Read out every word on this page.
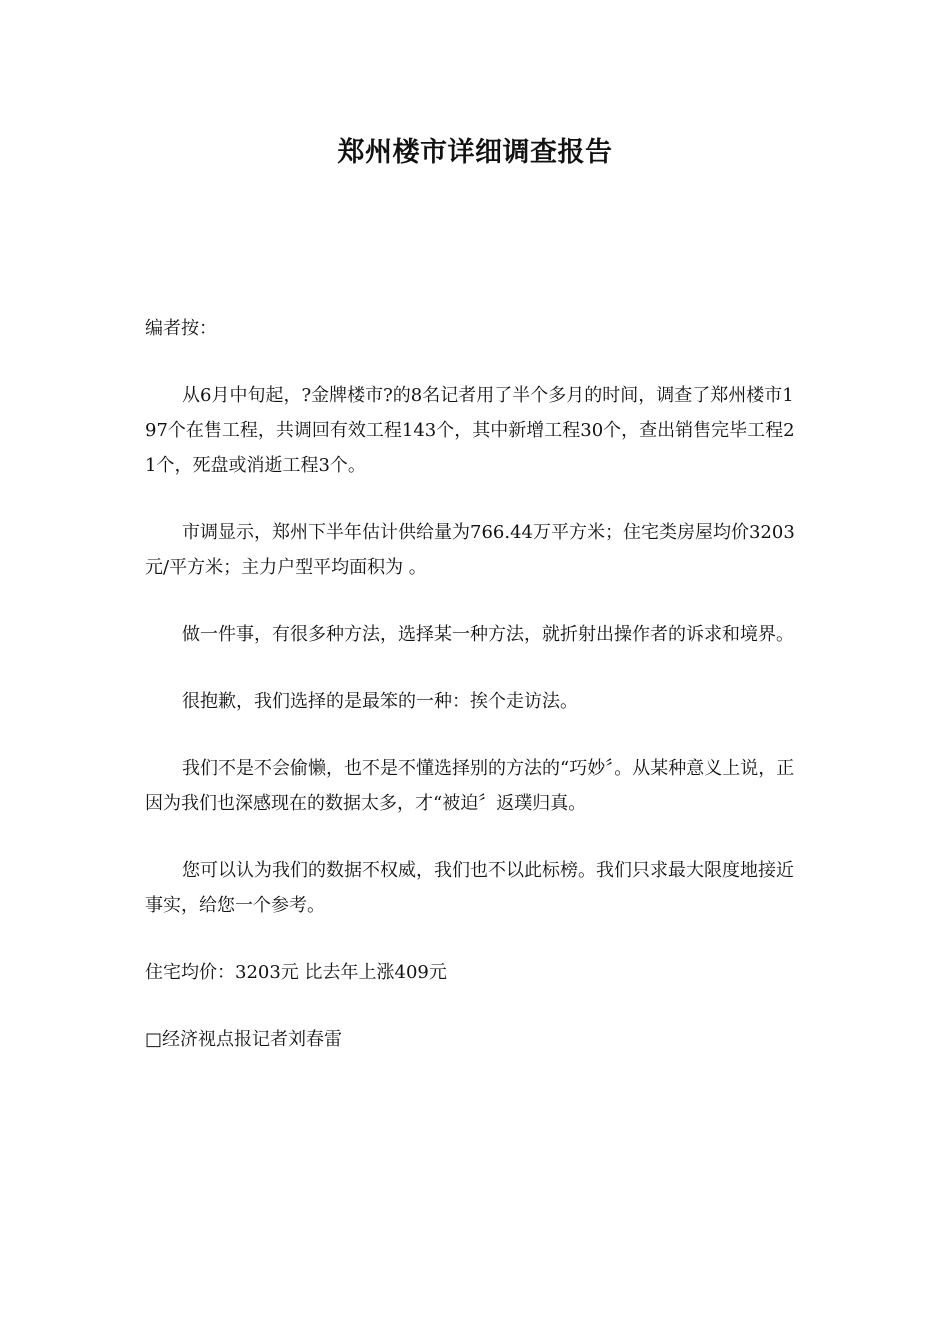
郑州楼市详细调查报告

编者按：

从6月中旬起，?金牌楼市?的8名记者用了半个多月的时间，调查了郑州楼市197个在售工程，共调回有效工程143个，其中新增工程30个，查出销售完毕工程21个，死盘或消逝工程3个。

市调显示，郑州下半年估计供给量为766.44万平方米；住宅类房屋均价3203元/平方米；主力户型平均面积为 。

做一件事，有很多种方法，选择某一种方法，就折射出操作者的诉求和境界。

很抱歉，我们选择的是最笨的一种：挨个走访法。

我们不是不会偷懒，也不是不懂选择别的方法的“巧妙〞。从某种意义上说，正因为我们也深感现在的数据太多，才“被迫〞返璞归真。

您可以认为我们的数据不权威，我们也不以此标榜。我们只求最大限度地接近事实，给您一个参考。

住宅均价：3203元 比去年上涨409元

□经济视点报记者刘春雷
